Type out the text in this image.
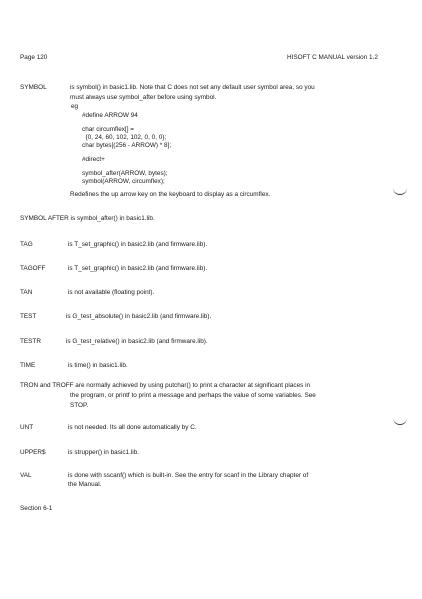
Page 120	HISOFT C MANUAL version 1.2
SYMBOL	is symbol() in basic1.lib. Note that C does not set any default user symbol area, so you
must always use symbol_after before using symbol.
eg
#define ARROW 94
char circumflex[] =
{0, 24, 60, 102, 102, 0, 0, 0};
char bytes[(256 - ARROW) * 8];
#direct+
symbol_after(ARROW, bytes);
symbol(ARROW, circumflex);
Redefines the up arrow key on the keyboard to display as a circumflex.
SYMBOL AFTER is symbol_after() in basic1.lib.
TAG	is T_set_graphic() in basic2.lib (and firmware.lib).
TAGOFF	is T_set_graphic() in basic2.lib (and firmware.lib).
TAN	is not available (floating point).
TEST	is G_test_absolute() in basic2.lib (and firmware.lib).
TESTR	is G_test_relative() in basic2.lib (and firmware.lib).
TIME	is time() in basic1.lib.
TRON and TROFF are normally achieved by using putchar() to print a character at significant places in
the program, or printf to print a message and perhaps the value of some variables. See
STOP.
UNT	is not needed. Its all done automatically by C.
UPPER$	is strupper() in basic1.lib.
VAL	is done with sscanf() which is built-in. See the entry for scanf in the Library chapter of
the Manual.
Section 6-1
